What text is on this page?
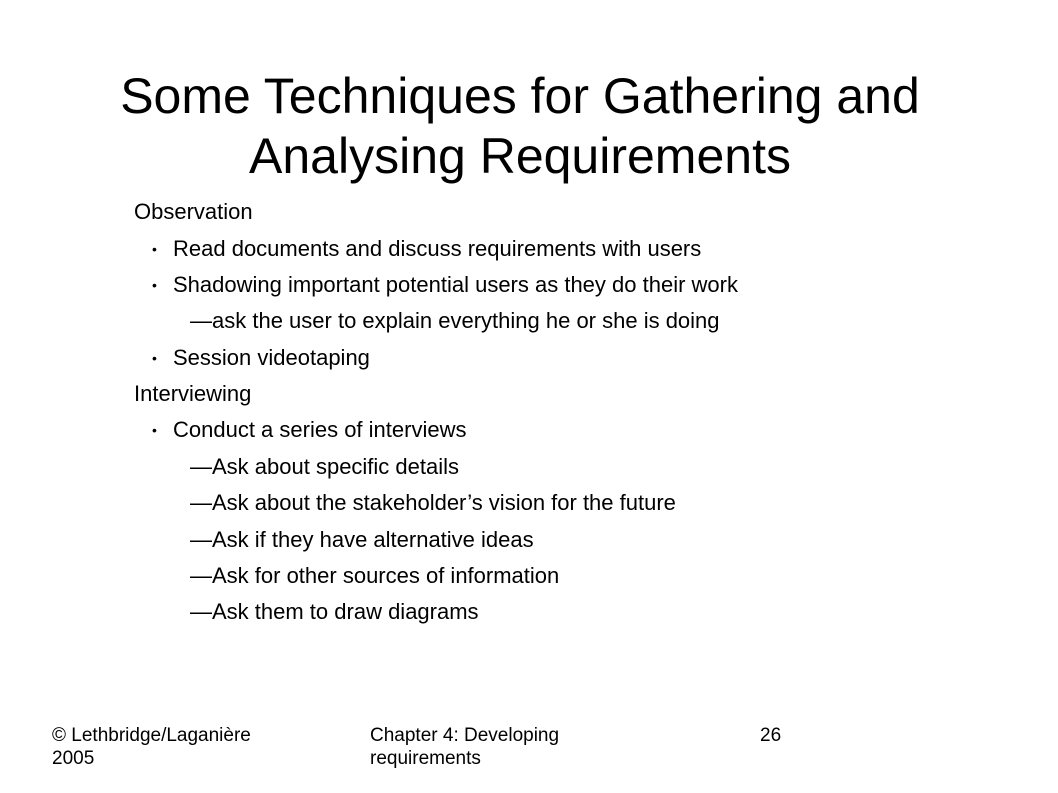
Some Techniques for Gathering and Analysing Requirements
Observation
• Read documents and discuss requirements with users
• Shadowing important potential users as they do their work
—ask the user to explain everything he or she is doing
• Session videotaping
Interviewing
• Conduct a series of interviews
—Ask about specific details
—Ask about the stakeholder’s vision for the future
—Ask if they have alternative ideas
—Ask for other sources of information
—Ask them to draw diagrams
© Lethbridge/Laganière 2005
Chapter 4: Developing requirements
26
